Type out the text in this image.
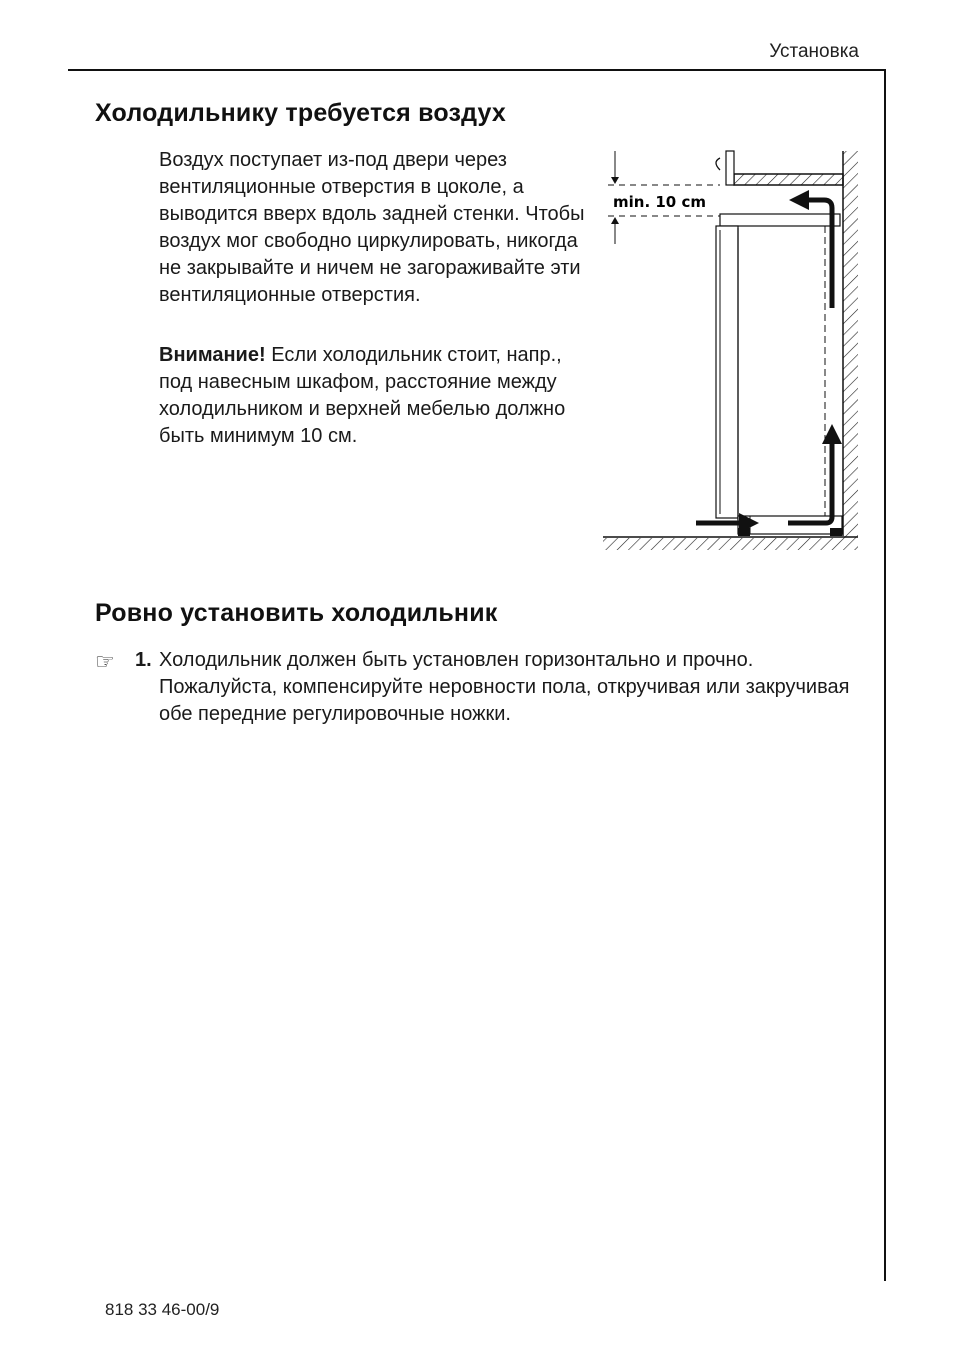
Установка
Холодильнику требуется воздух
Воздух поступает из-под двери через вентиляционные отверстия в цоколе, а выводится вверх вдоль задней стенки. Чтобы воздух мог свободно циркулировать, никогда не закрывайте и ничем не загораживайте эти вентиляционные отверстия.
Внимание! Если холодильник стоит, напр., под навесным шкафом, расстояние между холодильником и верхней мебелью должно быть минимум 10 см.
min. 10 cm
Ровно установить холодильник
☞ 1. Холодильник должен быть установлен горизонтально и прочно. Пожалуйста, компенсируйте неровности пола, откручивая или закручивая обе передние регулировочные ножки.
818 33 46-00/9
